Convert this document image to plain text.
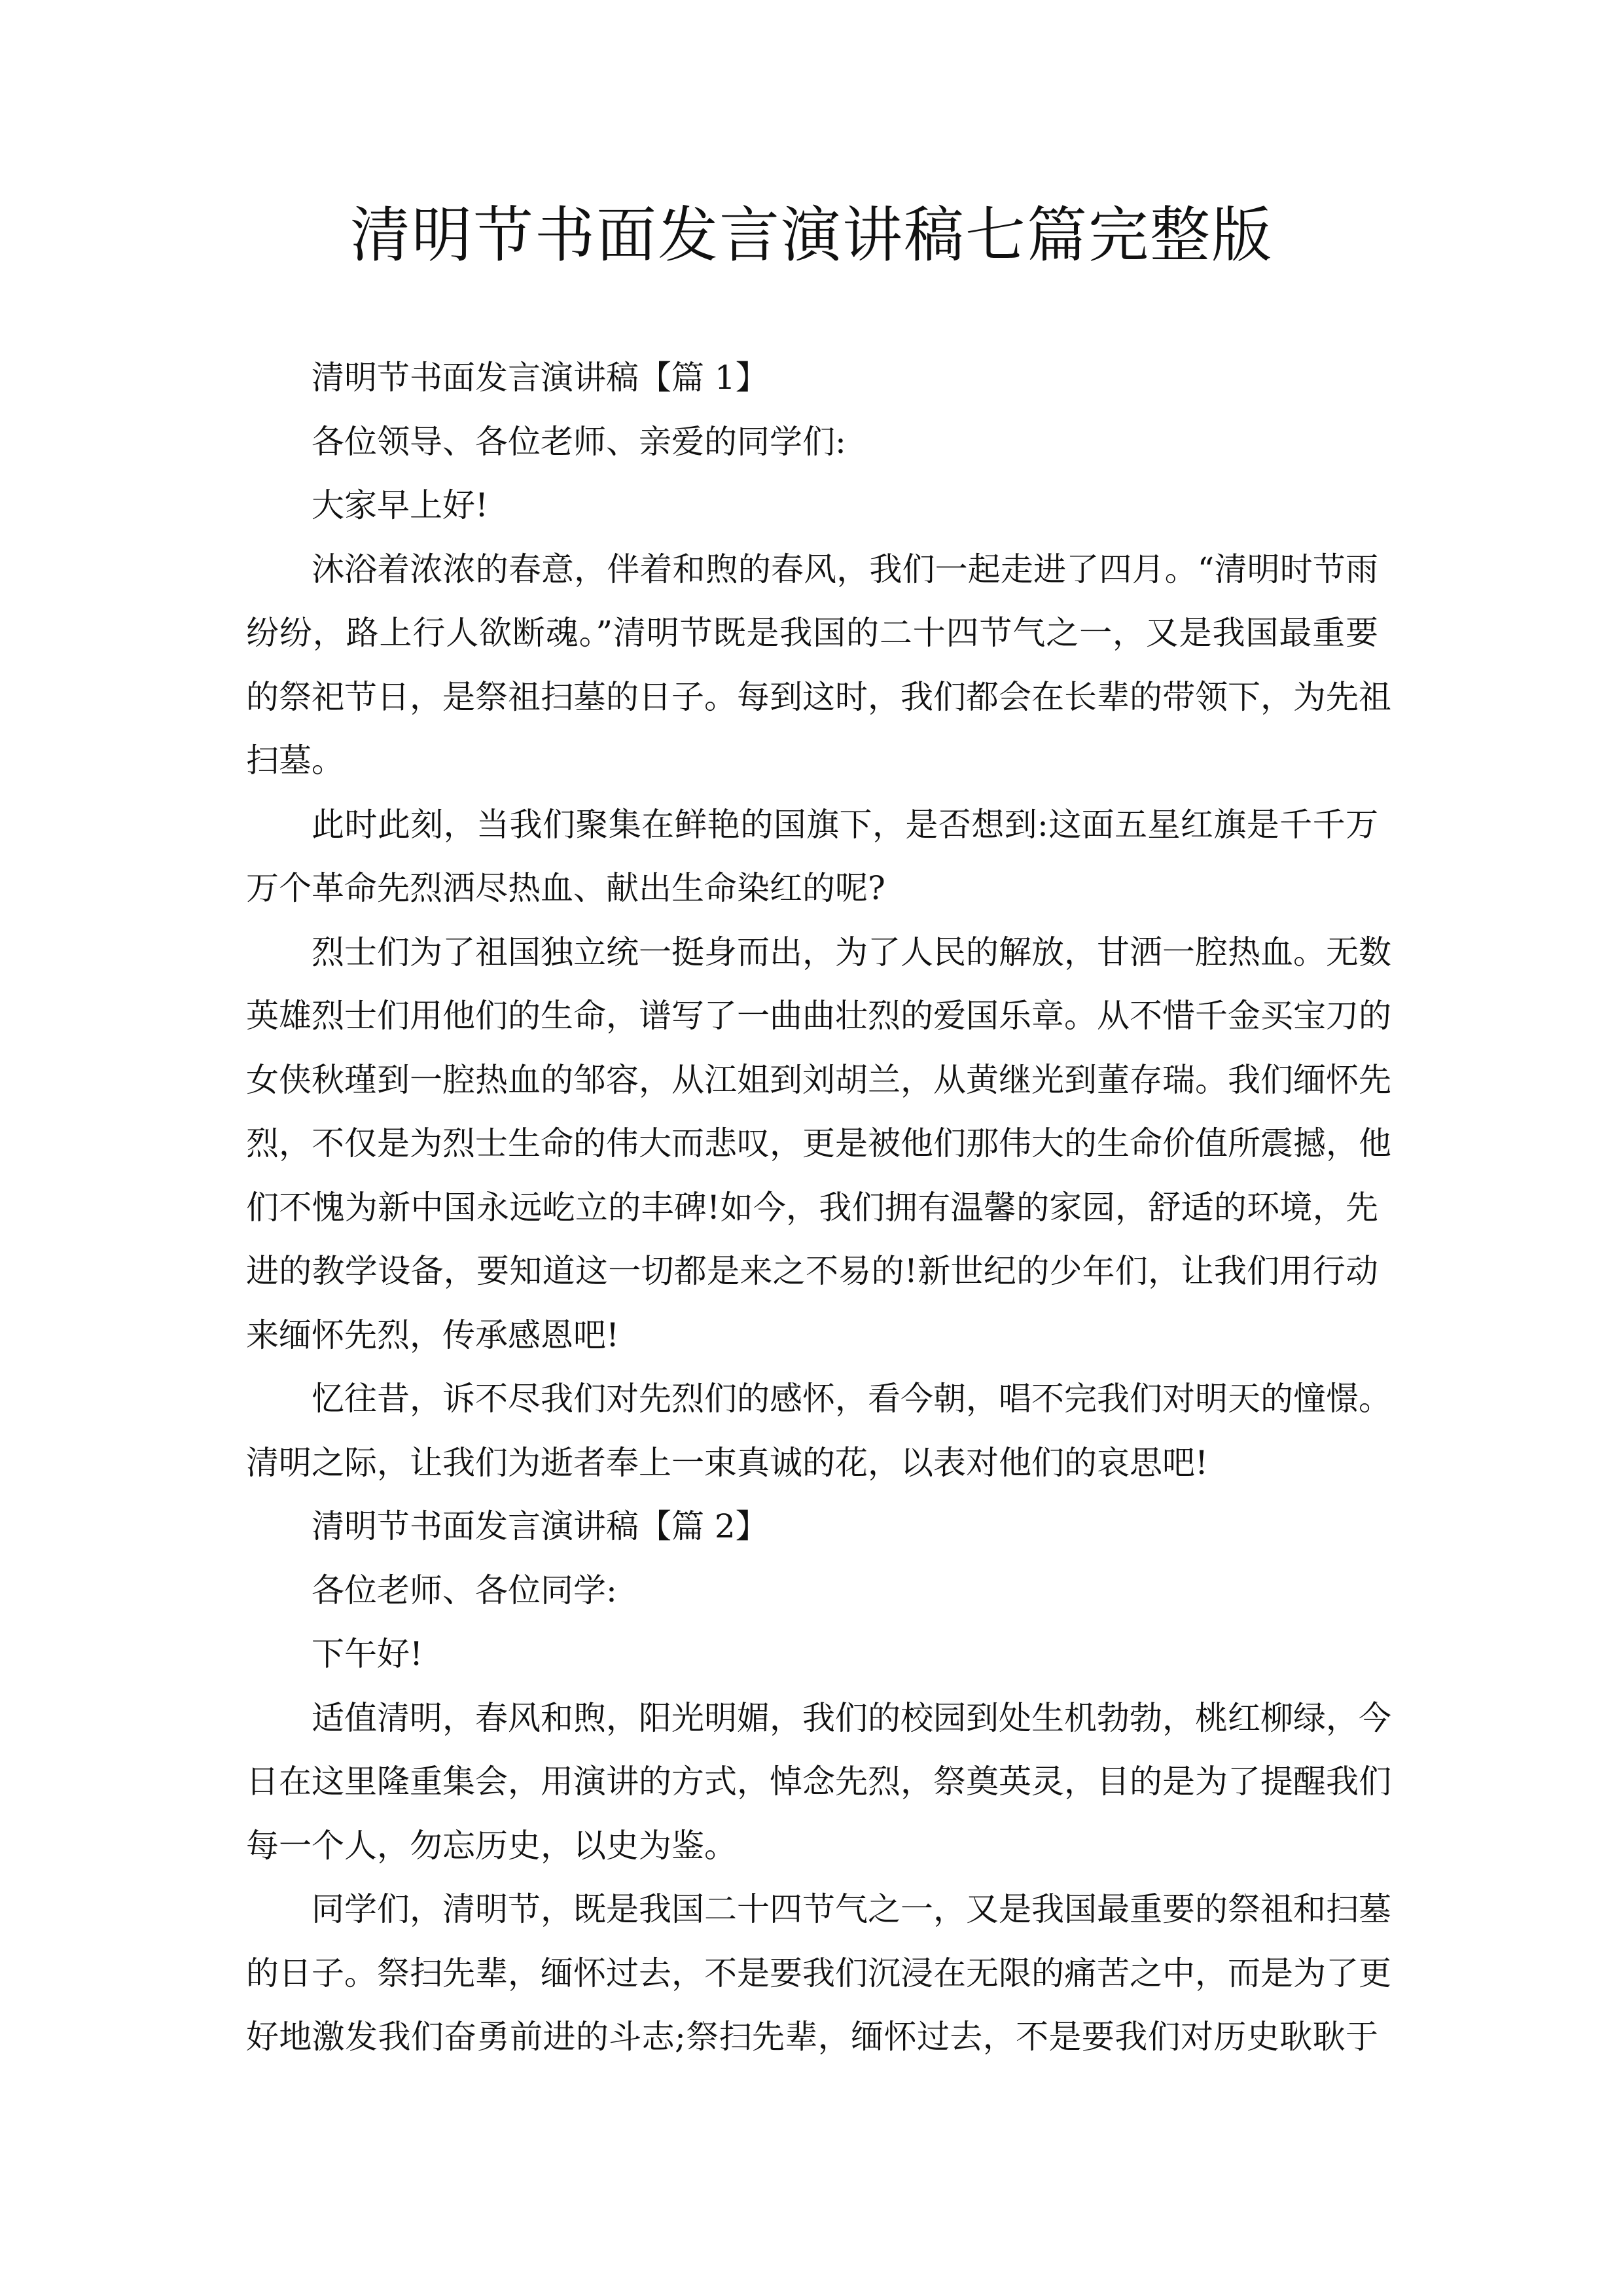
清明节书面发言演讲稿七篇完整版
清明节书面发言演讲稿【篇 1】
各位领导、各位老师、亲爱的同学们:
大家早上好!
沐浴着浓浓的春意，伴着和煦的春风，我们一起走进了四月。“清明时节雨
纷纷，路上行人欲断魂。”清明节既是我国的二十四节气之一，又是我国最重要
的祭祀节日，是祭祖扫墓的日子。每到这时，我们都会在长辈的带领下，为先祖
扫墓。
此时此刻，当我们聚集在鲜艳的国旗下，是否想到:这面五星红旗是千千万
万个革命先烈洒尽热血、献出生命染红的呢?
烈士们为了祖国独立统一挺身而出，为了人民的解放，甘洒一腔热血。无数
英雄烈士们用他们的生命，谱写了一曲曲壮烈的爱国乐章。从不惜千金买宝刀的
女侠秋瑾到一腔热血的邹容，从江姐到刘胡兰，从黄继光到董存瑞。我们缅怀先
烈，不仅是为烈士生命的伟大而悲叹，更是被他们那伟大的生命价值所震撼，他
们不愧为新中国永远屹立的丰碑!如今，我们拥有温馨的家园，舒适的环境，先
进的教学设备，要知道这一切都是来之不易的!新世纪的少年们，让我们用行动
来缅怀先烈，传承感恩吧!
忆往昔，诉不尽我们对先烈们的感怀，看今朝，唱不完我们对明天的憧憬。
清明之际，让我们为逝者奉上一束真诚的花，以表对他们的哀思吧!
清明节书面发言演讲稿【篇 2】
各位老师、各位同学:
下午好!
适值清明，春风和煦，阳光明媚，我们的校园到处生机勃勃，桃红柳绿，今
日在这里隆重集会，用演讲的方式，悼念先烈，祭奠英灵，目的是为了提醒我们
每一个人，勿忘历史，以史为鉴。
同学们，清明节，既是我国二十四节气之一，又是我国最重要的祭祖和扫墓
的日子。祭扫先辈，缅怀过去，不是要我们沉浸在无限的痛苦之中，而是为了更
好地激发我们奋勇前进的斗志;祭扫先辈，缅怀过去，不是要我们对历史耿耿于
